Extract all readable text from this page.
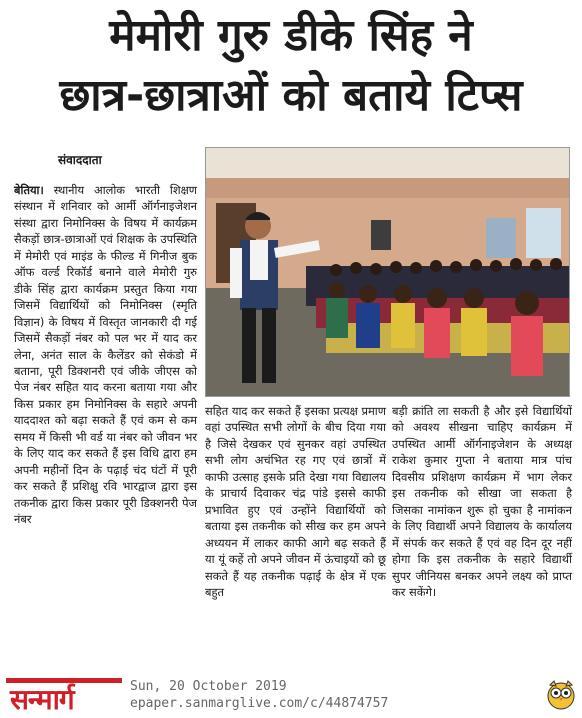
मेमोरी गुरु डीके सिंह ने
छात्र-छात्राओं को बताये टिप्स
संवाददाता
बेतिया। स्थानीय आलोक भारती शिक्षण संस्थान में शनिवार को आर्मी ऑर्गनाइजेशन संस्था द्वारा निमोनिक्स के विषय में कार्यक्रम सैकड़ों छात्र-छात्राओं एवं शिक्षक के उपस्थिति में मेमोरी एवं माइंड के फील्ड में गिनीज बुक ऑफ वर्ल्ड रिकॉर्ड बनाने वाले मेमोरी गुरु डीके सिंह द्वारा कार्यक्रम प्रस्तुत किया गया जिसमें विद्यार्थियों को निमोनिक्स (स्मृति विज्ञान) के विषय में विस्तृत जानकारी दी गई जिसमें सैकड़ों नंबर को पल भर में याद कर लेना, अनंत साल के कैलेंडर को सेकंडो में बताना, पूरी डिक्शनरी एवं जीके जीएस को पेज नंबर सहित याद करना बताया गया और किस प्रकार हम निमोनिक्स के सहारे अपनी याददाश्त को बढ़ा सकते हैं एवं कम से कम समय में किसी भी वर्ड या नंबर को जीवन भर के लिए याद कर सकते हैं इस विधि द्वारा हम अपनी महीनों दिन के पढ़ाई चंद घंटों में पूरी कर सकते हैं प्रशिक्षु रवि भारद्वाज द्वारा इस तकनीक द्वारा किस प्रकार पूरी डिक्शनरी पेज नंबर
सहित याद कर सकते हैं इसका प्रत्यक्ष प्रमाण वहां उपस्थित सभी लोगों के बीच दिया गया है जिसे देखकर एवं सुनकर वहां उपस्थित सभी लोग अचंभित रह गए एवं छात्रों में काफी उत्साह इसके प्रति देखा गया विद्यालय के प्राचार्य दिवाकर चंद्र पांडे इससे काफी प्रभावित हुए एवं उन्होंने विद्यार्थियों को बताया इस तकनीक को सीख कर हम अपने अध्ययन में लाकर काफी आगे बढ़ सकते हैं या यूं कहें तो अपने जीवन में ऊंचाइयों को छू सकते हैं यह तकनीक पढ़ाई के क्षेत्र में एक बहुत
बड़ी क्रांति ला सकती है और इसे विद्यार्थियों को अवश्य सीखना चाहिए कार्यक्रम में उपस्थित आर्मी ऑर्गनाइजेशन के अध्यक्ष राकेश कुमार गुप्ता ने बताया मात्र पांच दिवसीय प्रशिक्षण कार्यक्रम में भाग लेकर इस तकनीक को सीखा जा सकता है जिसका नामांकन शुरू हो चुका है नामांकन के लिए विद्यार्थी अपने विद्यालय के कार्यालय में संपर्क कर सकते हैं एवं वह दिन दूर नहीं होगा कि इस तकनीक के सहारे विद्यार्थी सुपर जीनियस बनकर अपने लक्ष्य को प्राप्त कर सकेंगे।
सन्मार्ग	Sun, 20 October 2019
epaper.sanmarglive.com/c/44874757
